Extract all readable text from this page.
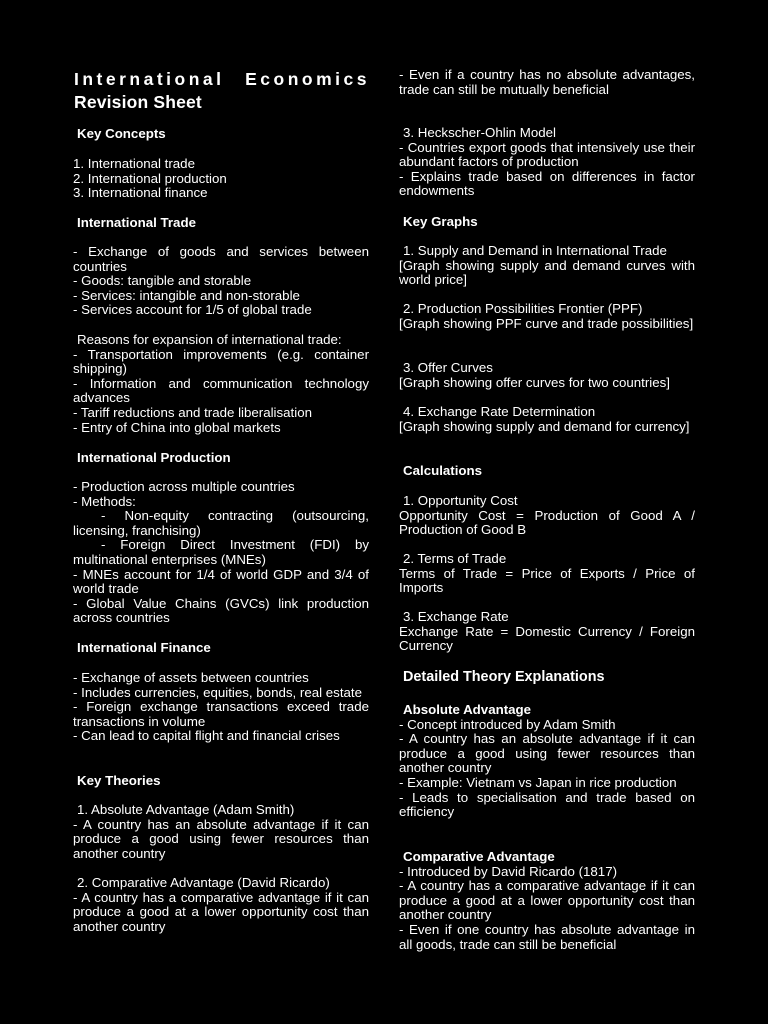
International Economics
Revision Sheet
Key Concepts
1. International trade
2. International production
3. International finance
International Trade
- Exchange of goods and services between countries
- Goods: tangible and storable
- Services: intangible and non-storable
- Services account for 1/5 of global trade
Reasons for expansion of international trade:
- Transportation improvements (e.g. container shipping)
- Information and communication technology advances
- Tariff reductions and trade liberalisation
- Entry of China into global markets
International Production
- Production across multiple countries
- Methods:
- Non-equity contracting (outsourcing, licensing, franchising)
- Foreign Direct Investment (FDI) by multinational enterprises (MNEs)
- MNEs account for 1/4 of world GDP and 3/4 of world trade
- Global Value Chains (GVCs) link production across countries
International Finance
- Exchange of assets between countries
- Includes currencies, equities, bonds, real estate
- Foreign exchange transactions exceed trade transactions in volume
- Can lead to capital flight and financial crises
Key Theories
1. Absolute Advantage (Adam Smith)
- A country has an absolute advantage if it can produce a good using fewer resources than another country
2. Comparative Advantage (David Ricardo)
- A country has a comparative advantage if it can produce a good at a lower opportunity cost than another country
- Even if a country has no absolute advantages, trade can still be mutually beneficial
3. Heckscher-Ohlin Model
- Countries export goods that intensively use their abundant factors of production
- Explains trade based on differences in factor endowments
Key Graphs
1. Supply and Demand in International Trade
[Graph showing supply and demand curves with world price]
2. Production Possibilities Frontier (PPF)
[Graph showing PPF curve and trade possibilities]
3. Offer Curves
[Graph showing offer curves for two countries]
4. Exchange Rate Determination
[Graph showing supply and demand for currency]
Calculations
1. Opportunity Cost
Opportunity Cost = Production of Good A / Production of Good B
2. Terms of Trade
Terms of Trade = Price of Exports / Price of Imports
3. Exchange Rate
Exchange Rate = Domestic Currency / Foreign Currency
Detailed Theory Explanations
Absolute Advantage
- Concept introduced by Adam Smith
- A country has an absolute advantage if it can produce a good using fewer resources than another country
- Example: Vietnam vs Japan in rice production
- Leads to specialisation and trade based on efficiency
Comparative Advantage
- Introduced by David Ricardo (1817)
- A country has a comparative advantage if it can produce a good at a lower opportunity cost than another country
- Even if one country has absolute advantage in all goods, trade can still be beneficial
